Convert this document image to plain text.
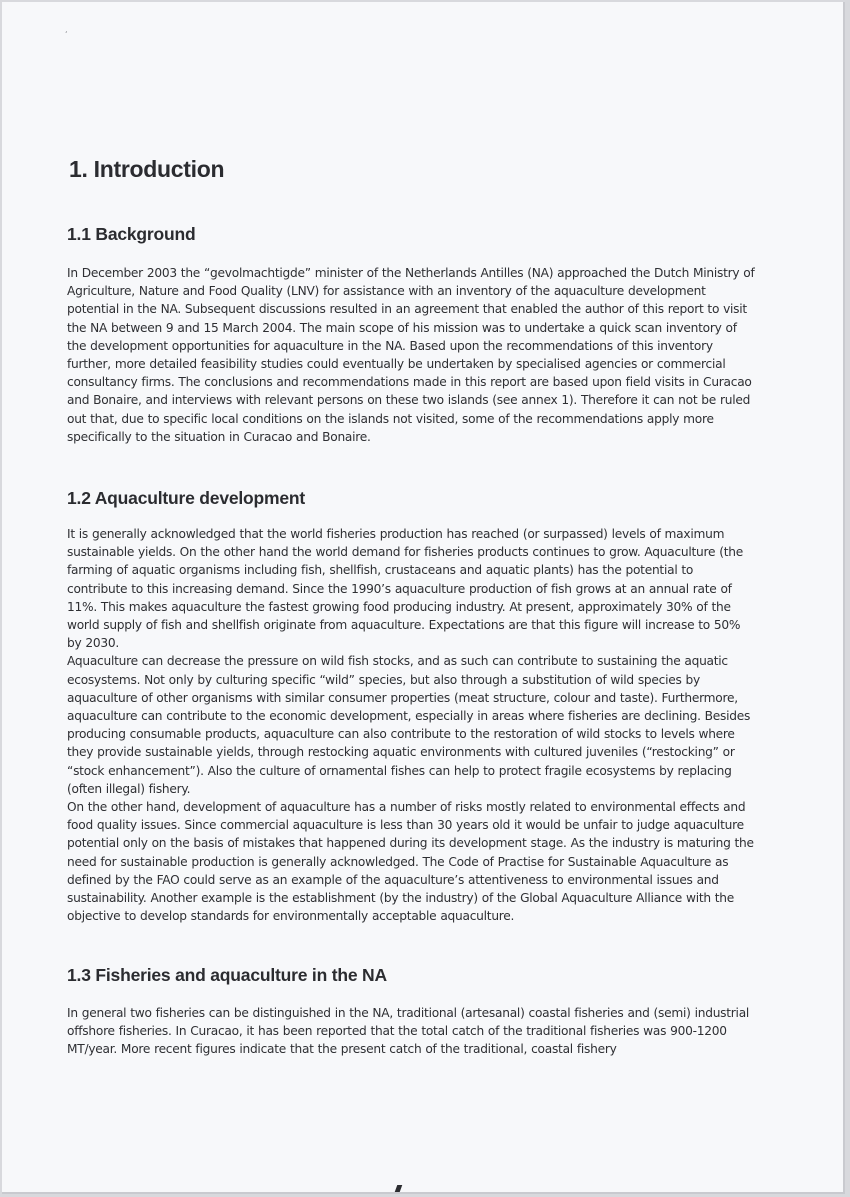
‘
1. Introduction
1.1 Background

In December 2003 the “gevolmachtigde” minister of the Netherlands Antilles (NA) approached the Dutch Ministry of Agriculture, Nature and Food Quality (LNV) for assistance with an inventory of the aquaculture development potential in the NA. Subsequent discussions resulted in an agreement that enabled the author of this report to visit the NA between 9 and 15 March 2004. The main scope of his mission was to undertake a quick scan inventory of the development opportunities for aquaculture in the NA. Based upon the recommendations of this inventory further, more detailed feasibility studies could eventually be undertaken by specialised agencies or commercial consultancy firms. The conclusions and recommendations made in this report are based upon field visits in Curacao and Bonaire, and interviews with relevant persons on these two islands (see annex 1). Therefore it can not be ruled out that, due to specific local conditions on the islands not visited, some of the recommendations apply more specifically to the situation in Curacao and Bonaire.

1.2 Aquaculture development

It is generally acknowledged that the world fisheries production has reached (or surpassed) levels of maximum sustainable yields. On the other hand the world demand for fisheries products continues to grow. Aquaculture (the farming of aquatic organisms including fish, shellfish, crustaceans and aquatic plants) has the potential to contribute to this increasing demand. Since the 1990’s aquaculture production of fish grows at an annual rate of 11%. This makes aquaculture the fastest growing food producing industry. At present, approximately 30% of the world supply of fish and shellfish originate from aquaculture. Expectations are that this figure will increase to 50% by 2030.

Aquaculture can decrease the pressure on wild fish stocks, and as such can contribute to sustaining the aquatic ecosystems. Not only by culturing specific “wild” species, but also through a substitution of wild species by aquaculture of other organisms with similar consumer properties (meat structure, colour and taste). Furthermore, aquaculture can contribute to the economic development, especially in areas where fisheries are declining. Besides producing consumable products, aquaculture can also contribute to the restoration of wild stocks to levels where they provide sustainable yields, through restocking aquatic environments with cultured juveniles (“restocking” or “stock enhancement”). Also the culture of ornamental fishes can help to protect fragile ecosystems by replacing (often illegal) fishery.

On the other hand, development of aquaculture has a number of risks mostly related to environmental effects and food quality issues. Since commercial aquaculture is less than 30 years old it would be unfair to judge aquaculture potential only on the basis of mistakes that happened during its development stage. As the industry is maturing the need for sustainable production is generally acknowledged. The Code of Practise for Sustainable Aquaculture as defined by the FAO could serve as an example of the aquaculture’s attentiveness to environmental issues and sustainability. Another example is the establishment (by the industry) of the Global Aquaculture Alliance with the objective to develop standards for environmentally acceptable aquaculture.

1.3 Fisheries and aquaculture in the NA

In general two fisheries can be distinguished in the NA, traditional (artesanal) coastal fisheries and (semi) industrial offshore fisheries. In Curacao, it has been reported that the total catch of the traditional fisheries was 900-1200 MT/year. More recent figures indicate that the present catch of the traditional, coastal fishery
